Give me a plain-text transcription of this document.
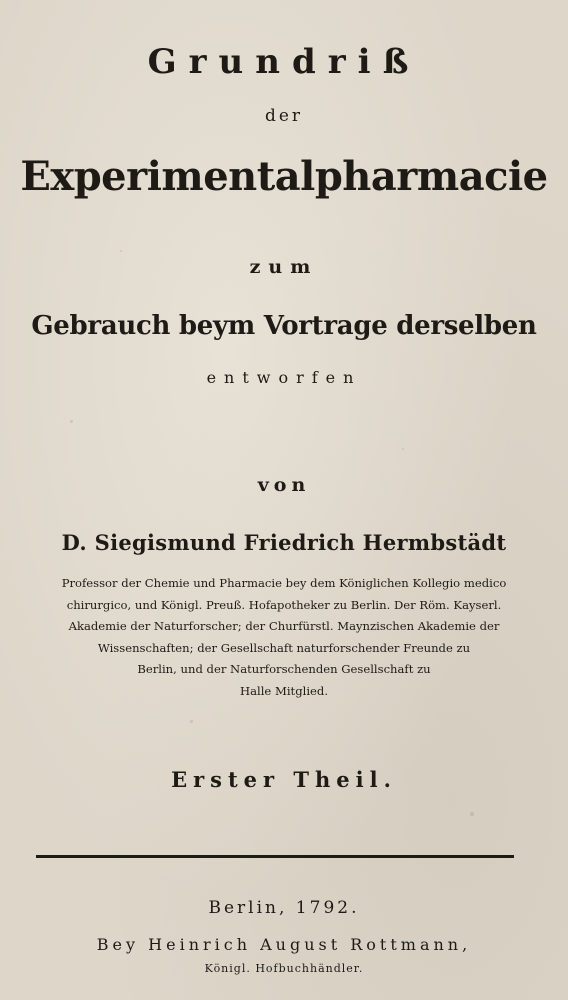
Grundriß
der
Experimentalpharmacie
zum
Gebrauch beym Vortrage derselben
entworfen
von
D. Siegismund Friedrich Hermbstädt
Professor der Chemie und Pharmacie bey dem Königlichen Kollegio medico
chirurgico, und Königl. Preuß. Hofapotheker zu Berlin. Der Röm. Kayserl.
Akademie der Naturforscher; der Churfürstl. Maynzischen Akademie der
Wissenschaften; der Gesellschaft naturforschender Freunde zu
Berlin, und der Naturforschenden Gesellschaft zu
Halle Mitglied.
Erster Theil.
Berlin, 1792.
Bey Heinrich August Rottmann,
Königl. Hofbuchhändler.
